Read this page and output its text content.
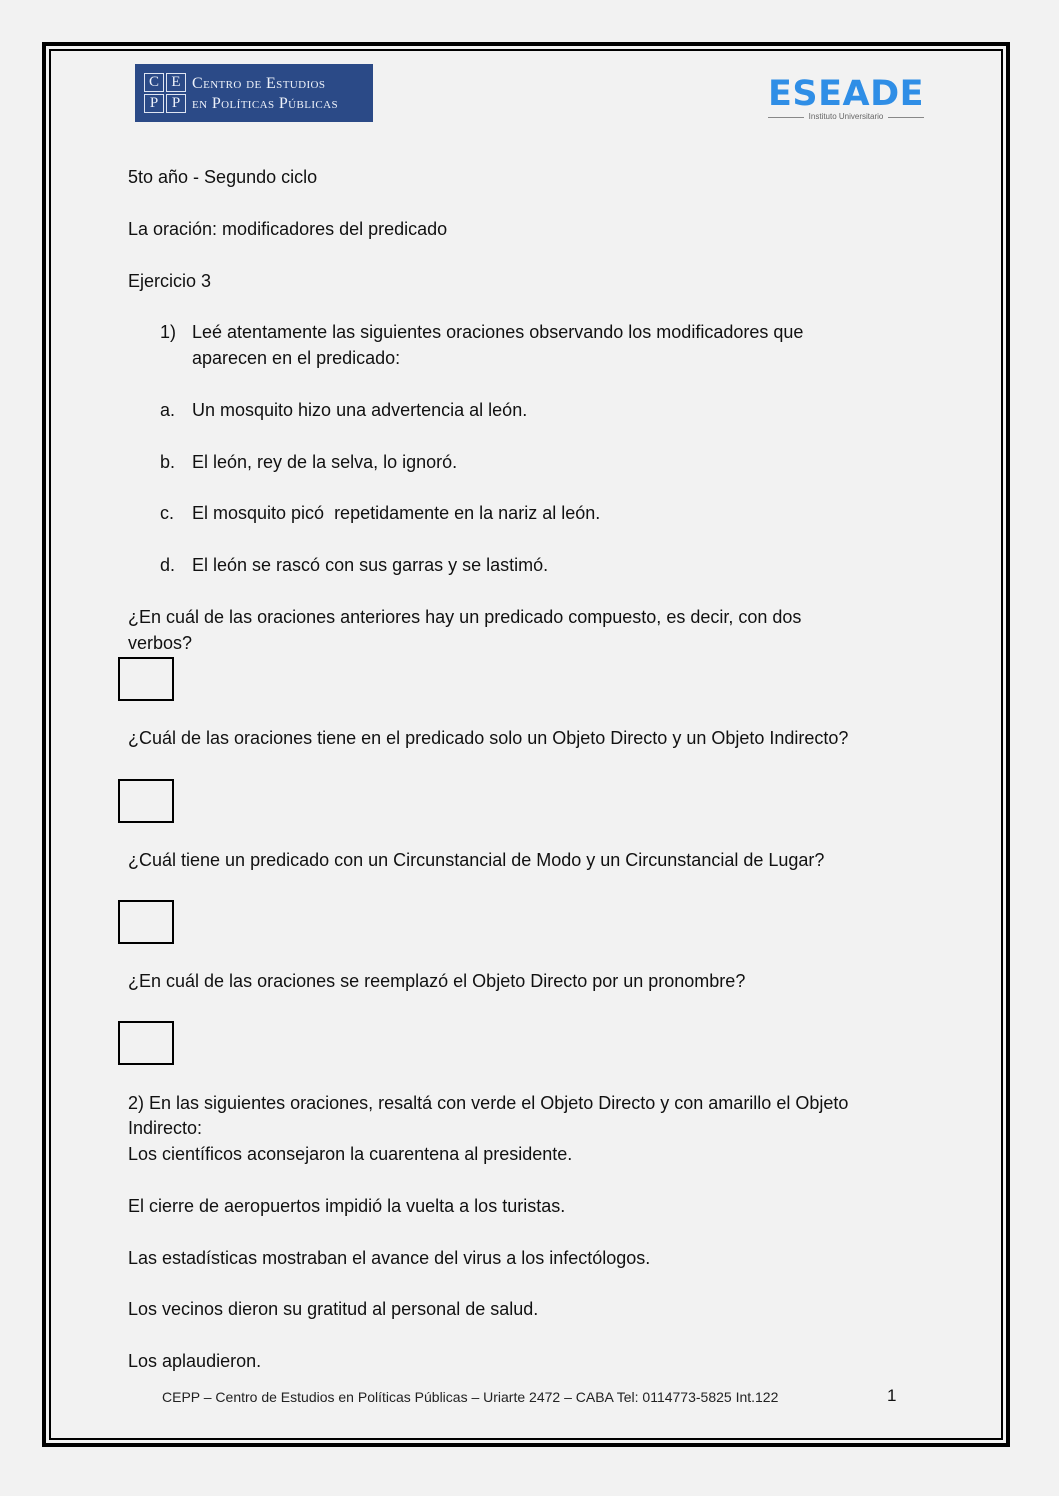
C E
P P
Centro de Estudios
en Políticas Públicas	ESEADE
Instituto Universitario
5to año - Segundo ciclo
La oración: modificadores del predicado
Ejercicio 3
1) Leé atentamente las siguientes oraciones observando los modificadores que
aparecen en el predicado:
a. Un mosquito hizo una advertencia al león.
b. El león, rey de la selva, lo ignoró.
c. El mosquito picó  repetidamente en la nariz al león.
d. El león se rascó con sus garras y se lastimó.
¿En cuál de las oraciones anteriores hay un predicado compuesto, es decir, con dos
verbos?
¿Cuál de las oraciones tiene en el predicado solo un Objeto Directo y un Objeto Indirecto?
¿Cuál tiene un predicado con un Circunstancial de Modo y un Circunstancial de Lugar?
¿En cuál de las oraciones se reemplazó el Objeto Directo por un pronombre?
2) En las siguientes oraciones, resaltá con verde el Objeto Directo y con amarillo el Objeto
Indirecto:
Los científicos aconsejaron la cuarentena al presidente.
El cierre de aeropuertos impidió la vuelta a los turistas.
Las estadísticas mostraban el avance del virus a los infectólogos.
Los vecinos dieron su gratitud al personal de salud.
Los aplaudieron.
CEPP – Centro de Estudios en Políticas Públicas – Uriarte 2472 – CABA Tel: 0114773-5825 Int.122	1
